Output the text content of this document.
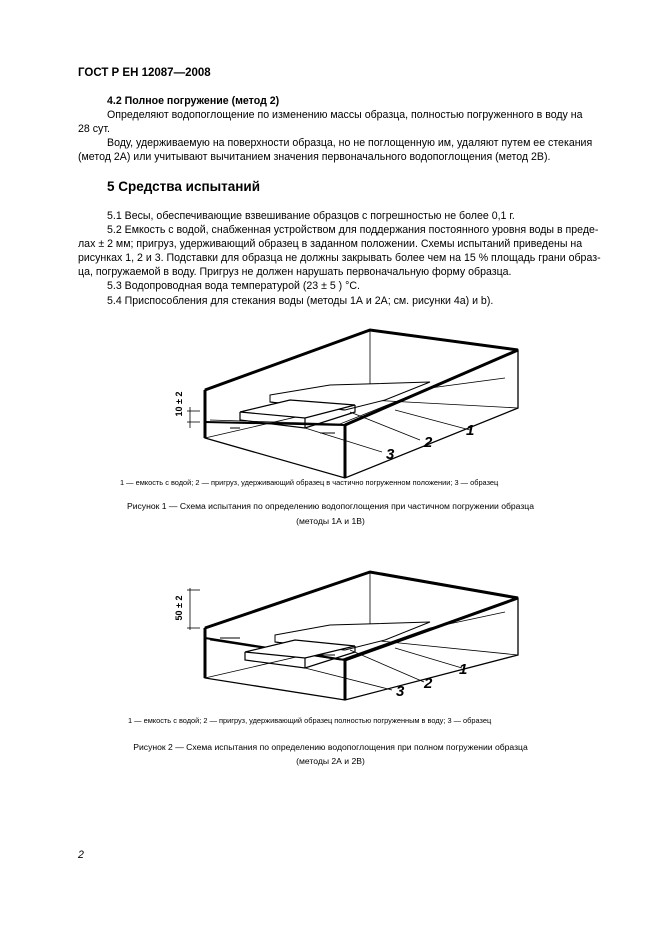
ГОСТ Р ЕН 12087—2008
4.2 Полное погружение (метод 2)
Определяют водопоглощение по изменению массы образца, полностью погруженного в воду на
28 сут.
Воду, удерживаемую на поверхности образца, но не поглощенную им, удаляют путем ее стекания
(метод 2А) или учитывают вычитанием значения первоначального водопоглощения (метод 2В).
5 Средства испытаний
5.1 Весы, обеспечивающие взвешивание образцов с погрешностью не более 0,1 г.
5.2 Емкость с водой, снабженная устройством для поддержания постоянного уровня воды в преде-
лах ± 2 мм; пригруз, удерживающий образец в заданном положении. Схемы испытаний приведены на
рисунках 1, 2 и 3. Подставки для образца не должны закрывать более чем на 15 % площадь грани образ-
ца, погружаемой в воду. Пригруз не должен нарушать первоначальную форму образца.
5.3 Водопроводная вода температурой (23 ± 5 ) °С.
5.4 Приспособления для стекания воды (методы 1А и 2А; см. рисунки 4а) и b).
10 ± 2
1
2
3
50 ± 2
1
2
3
1 — емкость с водой; 2 — пригруз, удерживающий образец в частично погруженном положении; 3 — образец
Рисунок 1 — Схема испытания по определению водопоглощения при частичном погружении образца
(методы 1А и 1В)
1 — емкость с водой; 2 — пригруз, удерживающий образец полностью погруженным в воду; 3 — образец
Рисунок 2 — Схема испытания по определению водопоглощения при полном погружении образца
(методы 2А и 2В)
2
